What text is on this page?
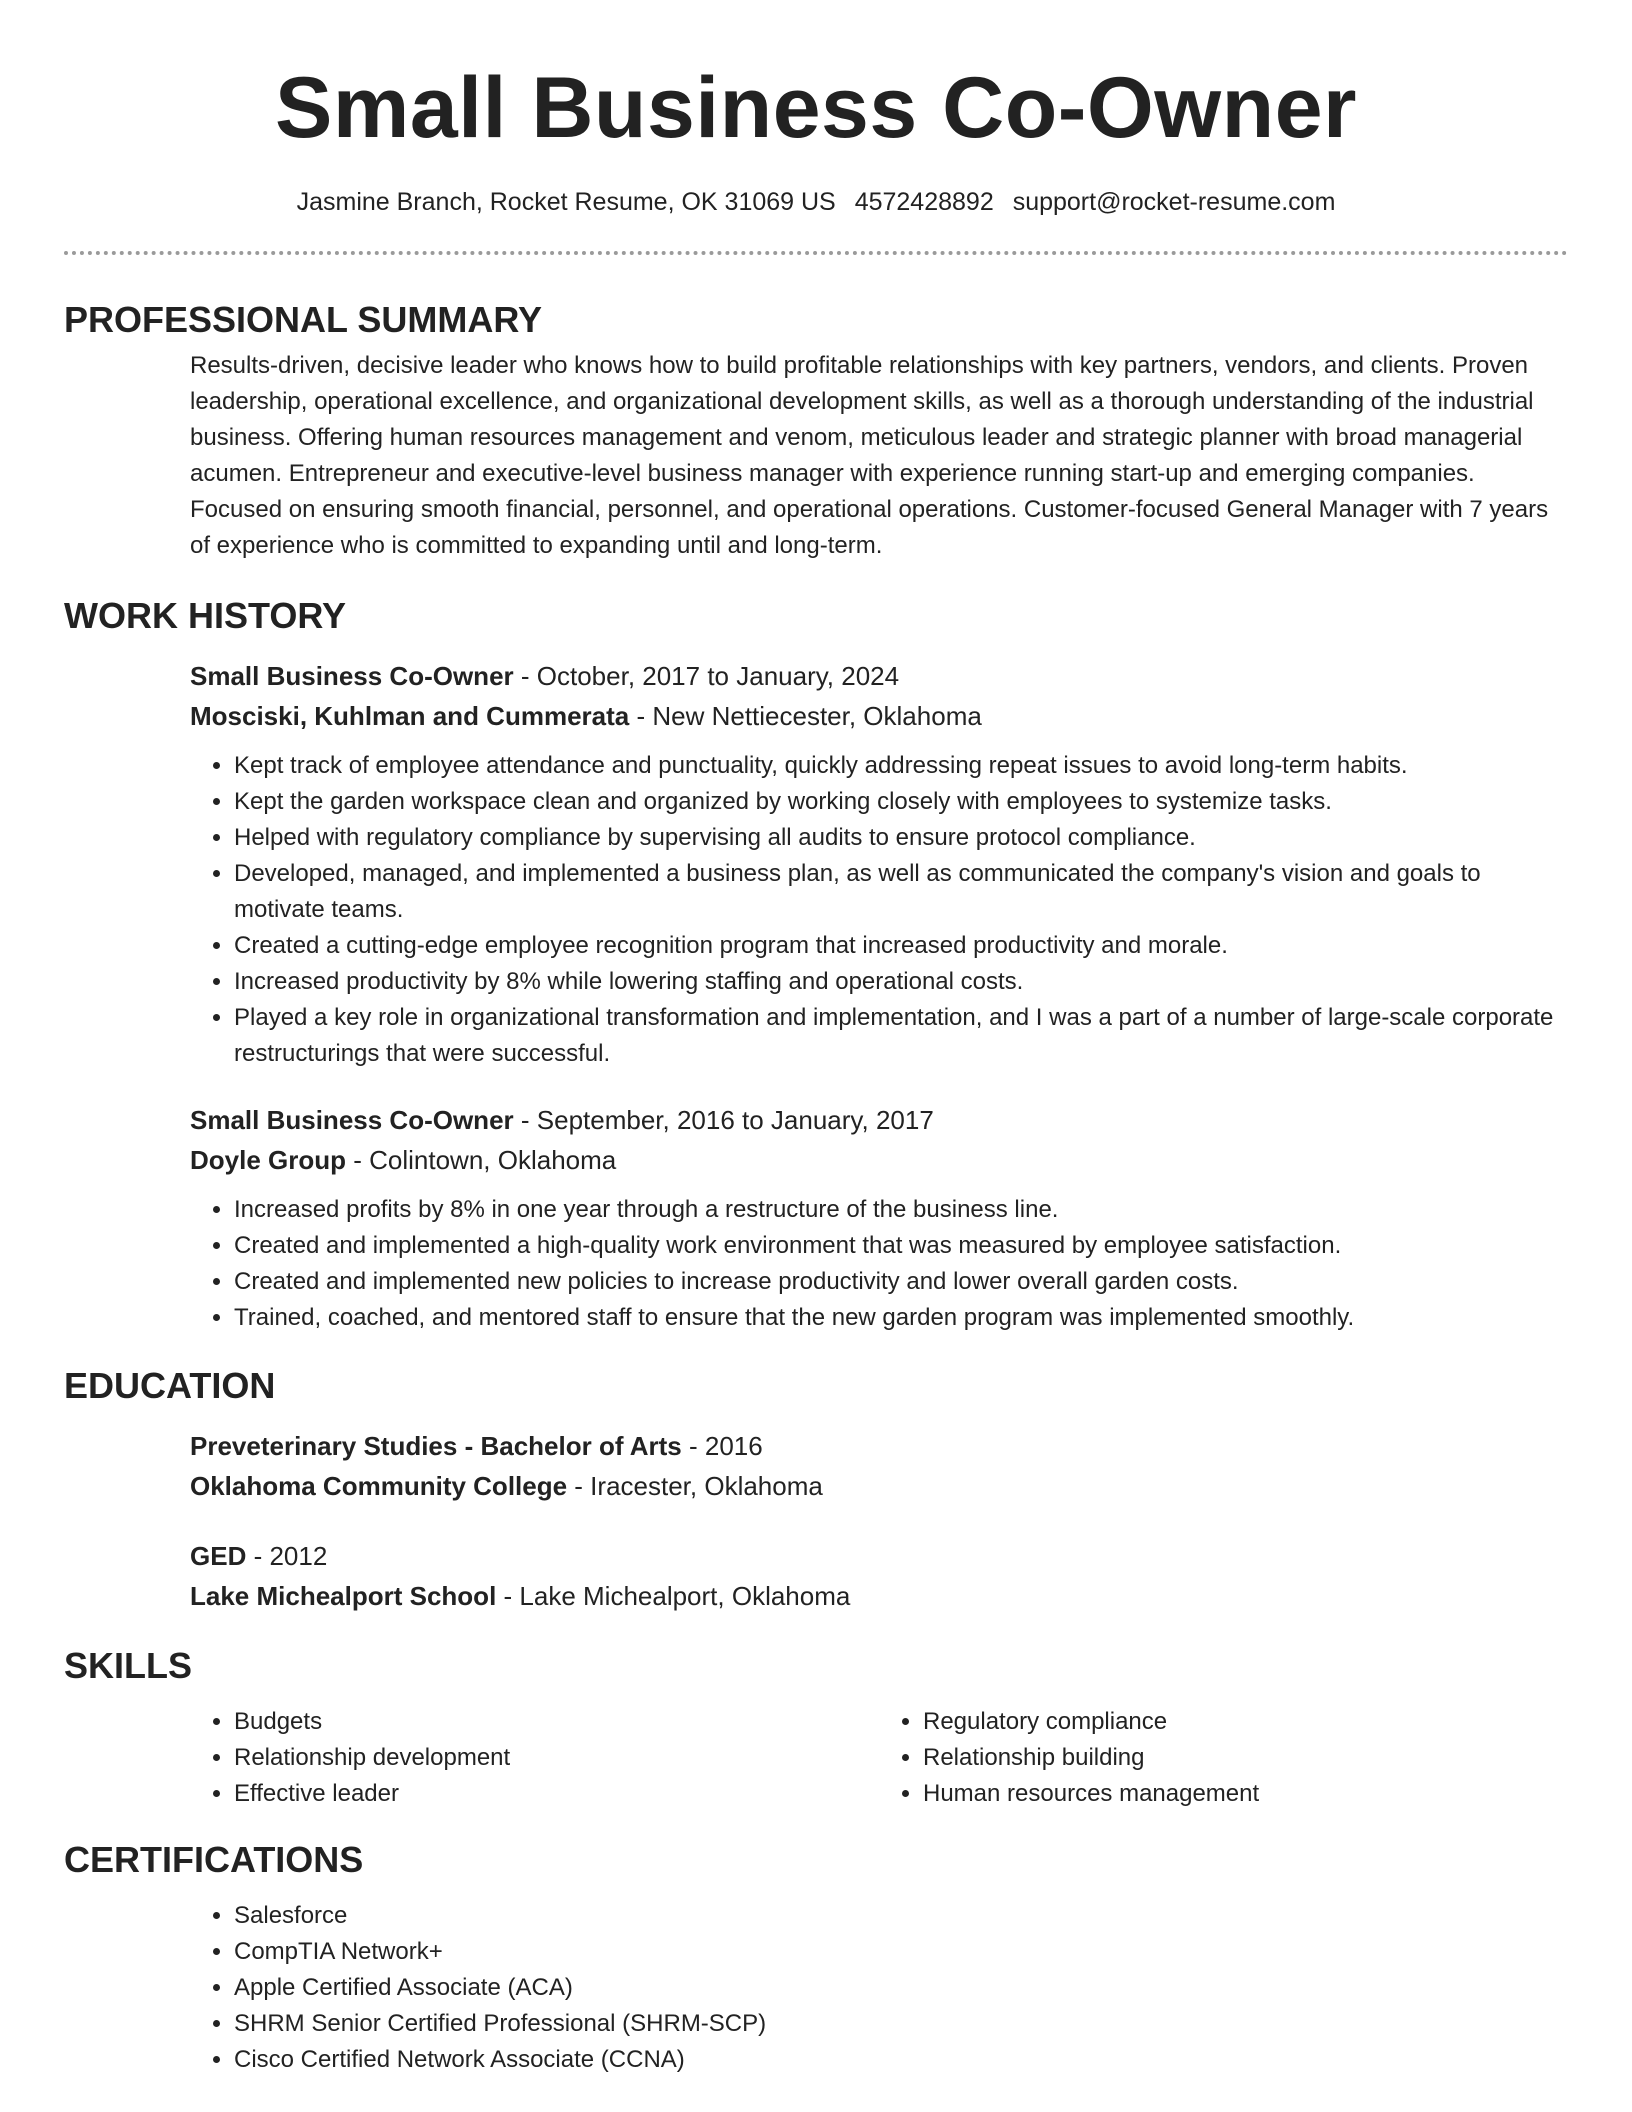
Small Business Co-Owner
Jasmine Branch, Rocket Resume, OK 31069 US 4572428892 support@rocket-resume.com
PROFESSIONAL SUMMARY
Results-driven, decisive leader who knows how to build profitable relationships with key partners, vendors, and clients. Proven leadership, operational excellence, and organizational development skills, as well as a thorough understanding of the industrial business. Offering human resources management and venom, meticulous leader and strategic planner with broad managerial acumen. Entrepreneur and executive-level business manager with experience running start-up and emerging companies. Focused on ensuring smooth financial, personnel, and operational operations. Customer-focused General Manager with 7 years of experience who is committed to expanding until and long-term.
WORK HISTORY
Small Business Co-Owner - October, 2017 to January, 2024
Mosciski, Kuhlman and Cummerata - New Nettiecester, Oklahoma
• Kept track of employee attendance and punctuality, quickly addressing repeat issues to avoid long-term habits.
• Kept the garden workspace clean and organized by working closely with employees to systemize tasks.
• Helped with regulatory compliance by supervising all audits to ensure protocol compliance.
• Developed, managed, and implemented a business plan, as well as communicated the company's vision and goals to motivate teams.
• Created a cutting-edge employee recognition program that increased productivity and morale.
• Increased productivity by 8% while lowering staffing and operational costs.
• Played a key role in organizational transformation and implementation, and I was a part of a number of large-scale corporate restructurings that were successful.
Small Business Co-Owner - September, 2016 to January, 2017
Doyle Group - Colintown, Oklahoma
• Increased profits by 8% in one year through a restructure of the business line.
• Created and implemented a high-quality work environment that was measured by employee satisfaction.
• Created and implemented new policies to increase productivity and lower overall garden costs.
• Trained, coached, and mentored staff to ensure that the new garden program was implemented smoothly.
EDUCATION
Preveterinary Studies - Bachelor of Arts - 2016
Oklahoma Community College - Iracester, Oklahoma
GED - 2012
Lake Michealport School - Lake Michealport, Oklahoma
SKILLS
• Budgets
• Relationship development
• Effective leader
• Regulatory compliance
• Relationship building
• Human resources management
CERTIFICATIONS
• Salesforce
• CompTIA Network+
• Apple Certified Associate (ACA)
• SHRM Senior Certified Professional (SHRM-SCP)
• Cisco Certified Network Associate (CCNA)
